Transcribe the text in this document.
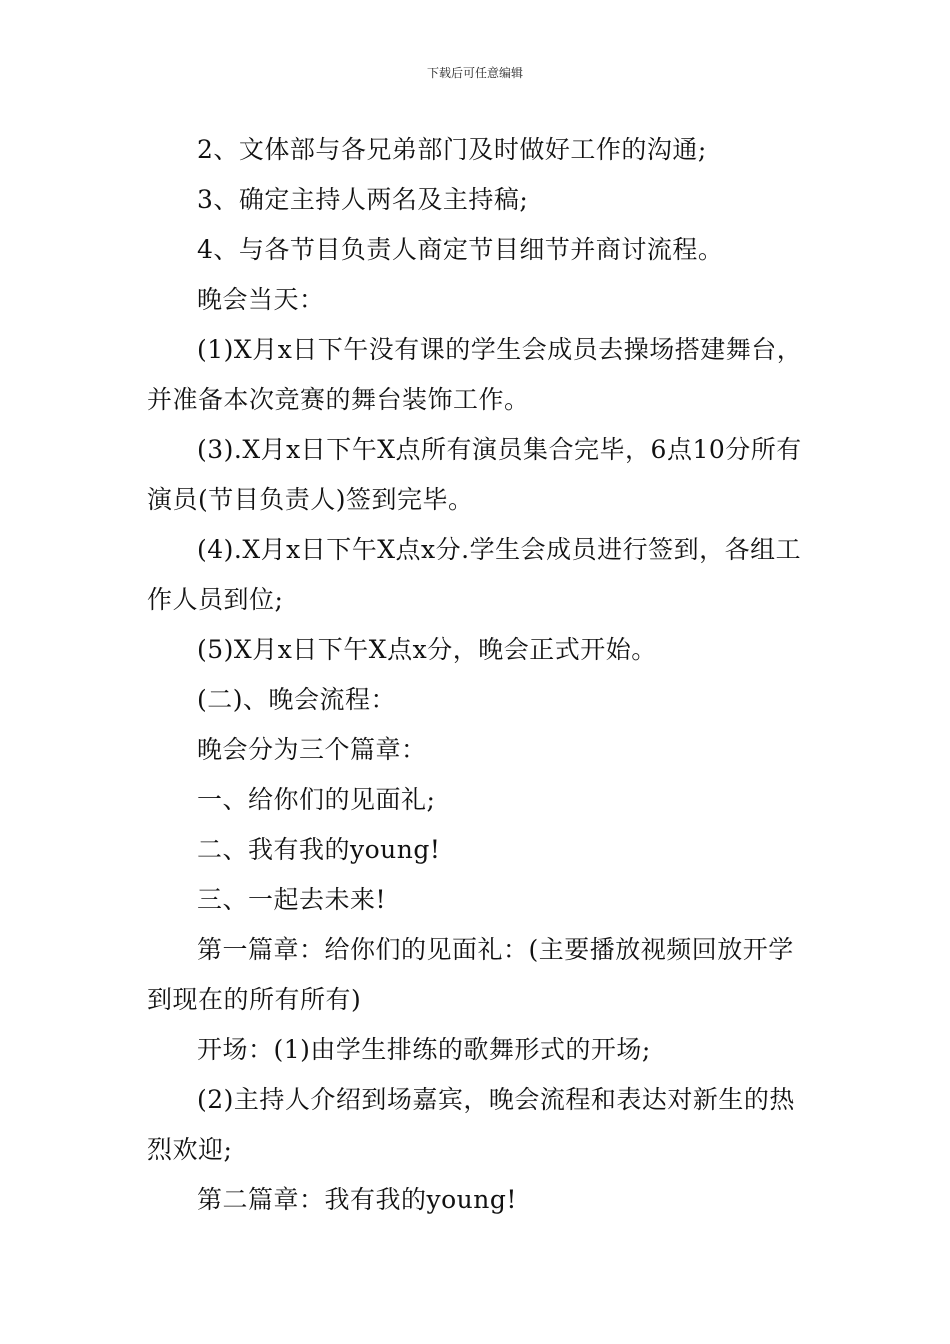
下载后可任意编辑

2、文体部与各兄弟部门及时做好工作的沟通;

3、确定主持人两名及主持稿;

4、与各节目负责人商定节目细节并商讨流程。

晚会当天：

(1)X月x日下午没有课的学生会成员去操场搭建舞台，并准备本次竞赛的舞台装饰工作。

(3).X月x日下午X点所有演员集合完毕，6点10分所有演员(节目负责人)签到完毕。

(4).X月x日下午X点x分.学生会成员进行签到，各组工作人员到位;

(5)X月x日下午X点x分，晚会正式开始。

(二)、晚会流程：

晚会分为三个篇章：

一、给你们的见面礼;

二、我有我的young!

三、一起去未来!

第一篇章：给你们的见面礼：(主要播放视频回放开学到现在的所有所有)

开场：(1)由学生排练的歌舞形式的开场;

(2)主持人介绍到场嘉宾，晚会流程和表达对新生的热烈欢迎;

第二篇章：我有我的young!
